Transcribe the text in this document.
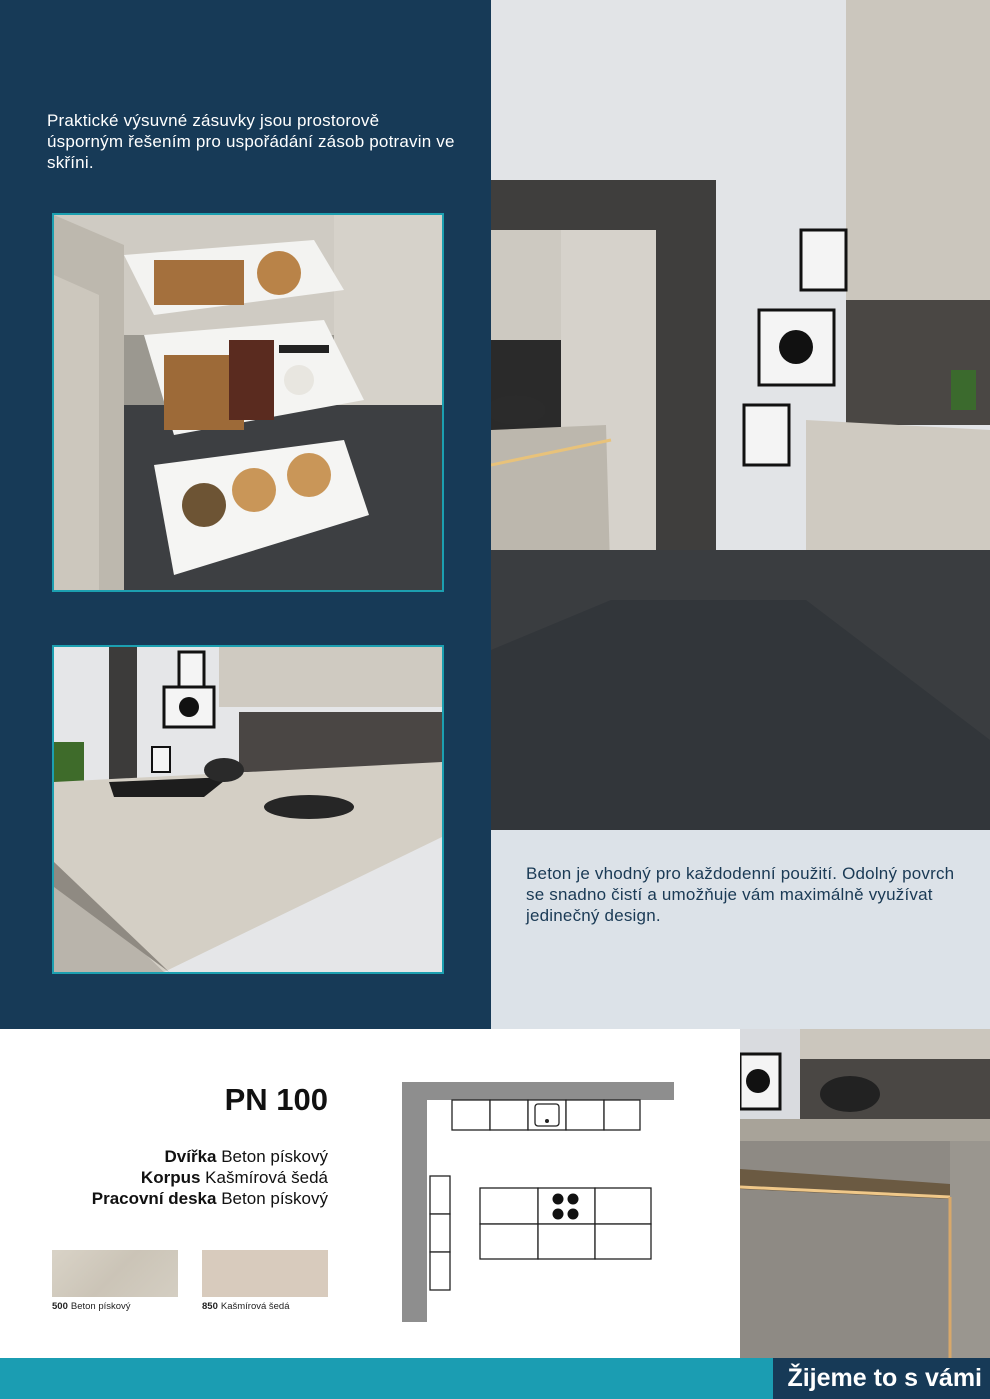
Praktické výsuvné zásuvky jsou prostorově úsporným řešením pro uspořádání zásob potravin ve skříni.

Beton je vhodný pro každodenní použití. Odolný povrch se snadno čistí a umožňuje vám maximálně využívat jedinečný design.

PN 100
Dvířka Beton pískový
Korpus Kašmírová šedá
Pracovní deska Beton pískový
500 Beton pískový	850 Kašmírová šedá
Žijeme to s vámi
